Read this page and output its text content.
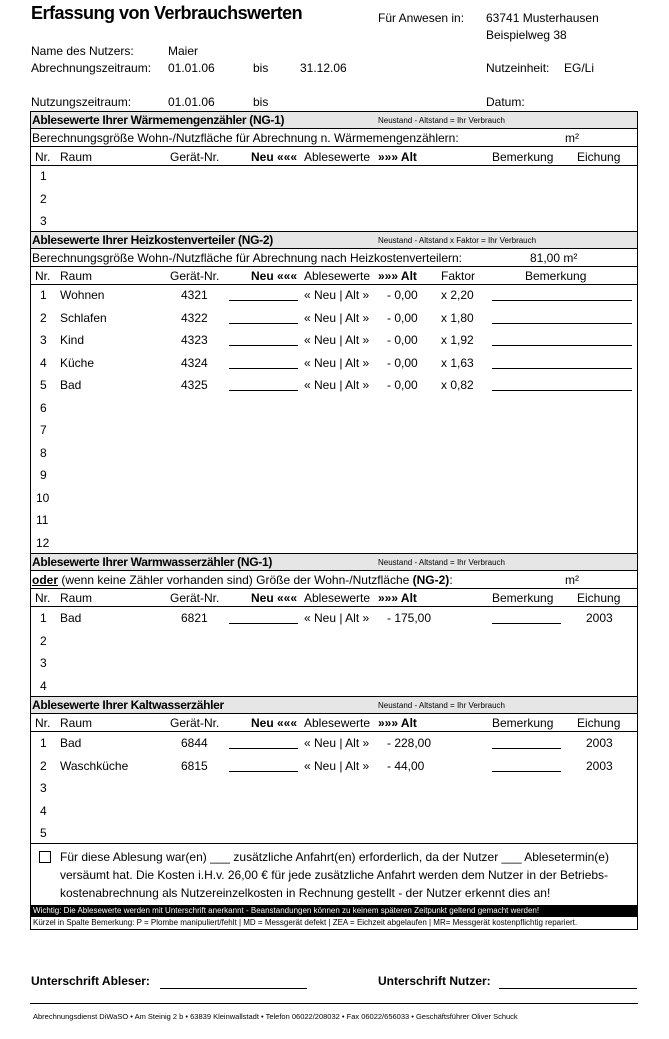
Erfassung von Verbrauchswerten	Für Anwesen in: 63741 Musterhausen
Beispielweg 38
Name des Nutzers:	Maier
Abrechnungszeitraum: 01.01.06	bis	31.12.06	Nutzeinheit: EG/Li
Nutzungszeitraum:	01.01.06	bis	Datum:
Ablesewerte Ihrer Wärmemengenzähler (NG-1)	Neustand - Altstand = Ihr Verbrauch
Berechnungsgröße Wohn-/Nutzfläche für Abrechnung n. Wärmemengenzählern:	m²
Nr. Raum	Gerät-Nr.	Neu ««« Ablesewerte »»» Alt	Bemerkung Eichung
1
2
3
Ablesewerte Ihrer Heizkostenverteiler (NG-2)	Neustand - Altstand x Faktor = Ihr Verbrauch
Berechnungsgröße Wohn-/Nutzfläche für Abrechnung nach Heizkostenverteilern:	81,00 m²
Nr. Raum	Gerät-Nr.	Neu ««« Ablesewerte »»» Alt Faktor	Bemerkung
1 Wohnen	4321	« Neu | Alt » - 0,00 x 2,20
2 Schlafen	4322	« Neu | Alt » - 0,00 x 1,80
3 Kind	4323	« Neu | Alt » - 0,00 x 1,92
4 Küche	4324	« Neu | Alt » - 0,00 x 1,63
5 Bad	4325	« Neu | Alt » - 0,00 x 0,82
6
7
8
9
10
11
12
Ablesewerte Ihrer Warmwasserzähler (NG-1)	Neustand - Altstand = Ihr Verbrauch
oder (wenn keine Zähler vorhanden sind) Größe der Wohn-/Nutzfläche (NG-2):	m²
Nr. Raum	Gerät-Nr.	Neu ««« Ablesewerte »»» Alt	Bemerkung Eichung
1 Bad	6821	« Neu | Alt » - 175,00	2003
2
3
4
Ablesewerte Ihrer Kaltwasserzähler	Neustand - Altstand = Ihr Verbrauch
Nr. Raum	Gerät-Nr.	Neu ««« Ablesewerte »»» Alt	Bemerkung Eichung
1 Bad	6844	« Neu | Alt » - 228,00	2003
2 Waschküche	6815	« Neu | Alt » - 44,00	2003
3
4
5
Für diese Ablesung war(en) ___ zusätzliche Anfahrt(en) erforderlich, da der Nutzer ___ Ablesetermin(e)
versäumt hat. Die Kosten i.H.v. 26,00 € für jede zusätzliche Anfahrt werden dem Nutzer in der Betriebs-
kostenabrechnung als Nutzereinzelkosten in Rechnung gestellt - der Nutzer erkennt dies an!
Wichtig: Die Ablesewerte werden mit Unterschrift anerkannt - Beanstandungen können zu keinem späteren Zeitpunkt geltend gemacht werden!
Kürzel in Spalte Bemerkung: P = Plombe manipuliert/fehlt | MD = Messgerät defekt | ZEA = Eichzeit abgelaufen | MR= Messgerät kostenpflichtig repariert.
Unterschrift Ableser:	Unterschrift Nutzer:
Abrechnungsdienst DiWaSO • Am Steinig 2 b • 63839 Kleinwallstadt • Telefon 06022/208032 • Fax 06022/656033 • Geschäftsführer Oliver Schuck
